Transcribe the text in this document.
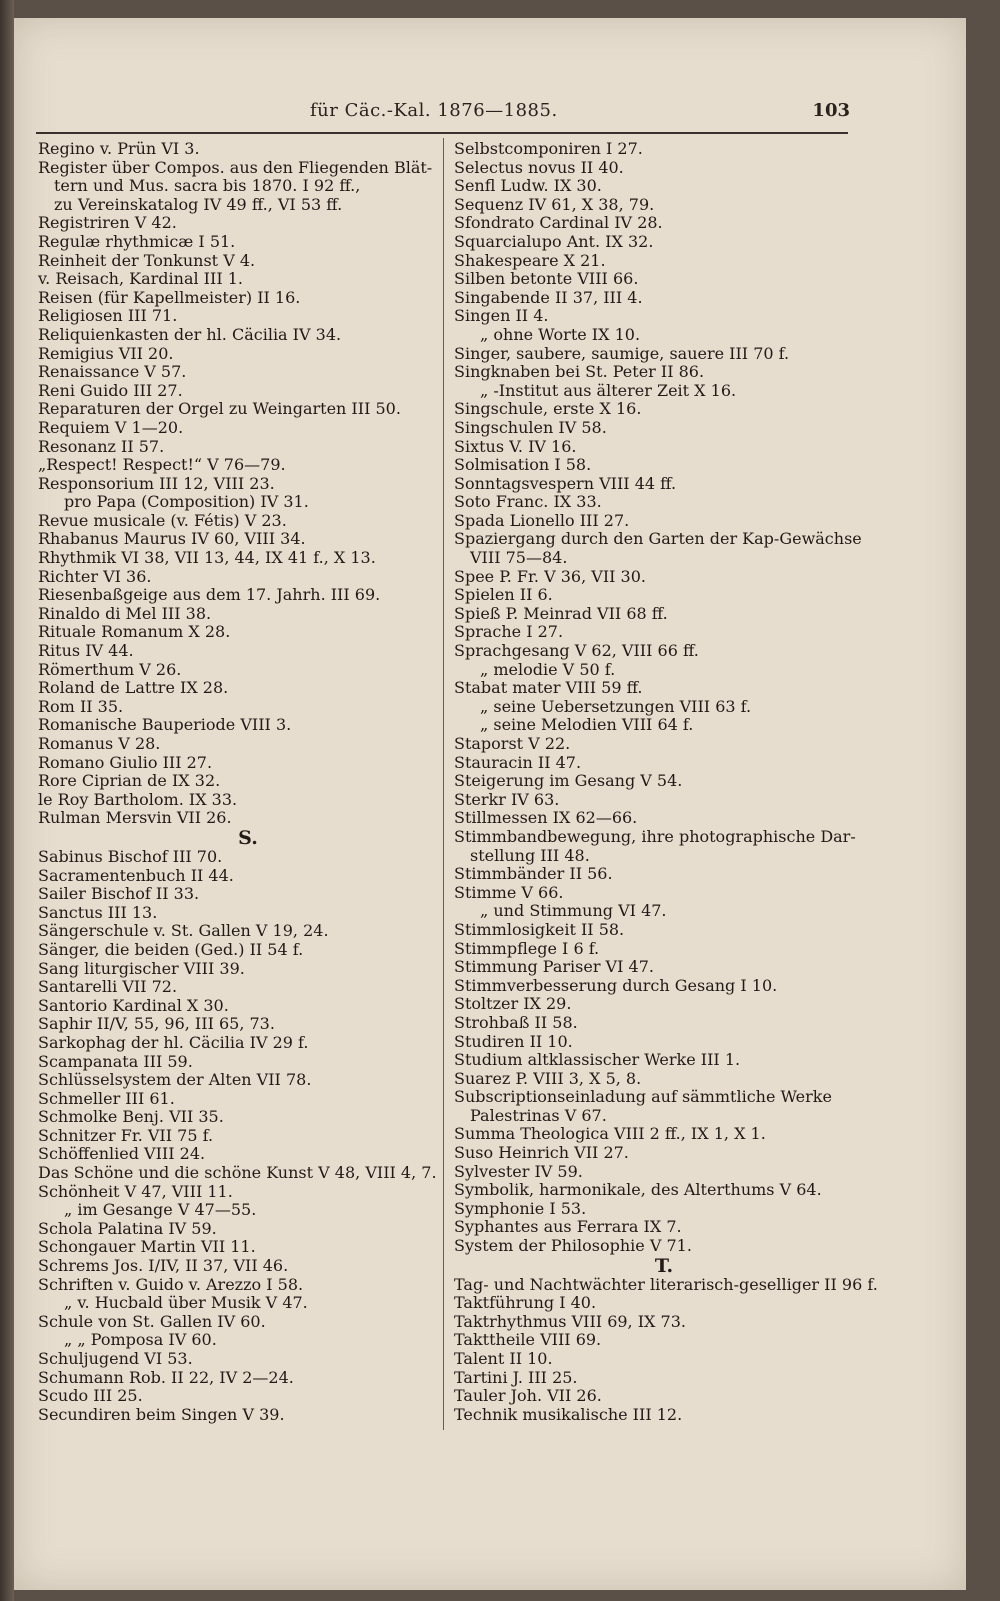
für Cäc.-Kal. 1876—1885.	103
Regino v. Prün VI 3.
Register über Compos. aus den Fliegenden Blät-
tern und Mus. sacra bis 1870. I 92 ff.,
zu Vereinskatalog IV 49 ff., VI 53 ff.
Registriren V 42.
Regulæ rhythmicæ I 51.
Reinheit der Tonkunst V 4.
v. Reisach, Kardinal III 1.
Reisen (für Kapellmeister) II 16.
Religiosen III 71.
Reliquienkasten der hl. Cäcilia IV 34.
Remigius VII 20.
Renaissance V 57.
Reni Guido III 27.
Reparaturen der Orgel zu Weingarten III 50.
Requiem V 1—20.
Resonanz II 57.
„Respect! Respect!“ V 76—79.
Responsorium III 12, VIII 23.
pro Papa (Composition) IV 31.
Revue musicale (v. Fétis) V 23.
Rhabanus Maurus IV 60, VIII 34.
Rhythmik VI 38, VII 13, 44, IX 41 f., X 13.
Richter VI 36.
Riesenbaßgeige aus dem 17. Jahrh. III 69.
Rinaldo di Mel III 38.
Rituale Romanum X 28.
Ritus IV 44.
Römerthum V 26.
Roland de Lattre IX 28.
Rom II 35.
Romanische Bauperiode VIII 3.
Romanus V 28.
Romano Giulio III 27.
Rore Ciprian de IX 32.
le Roy Bartholom. IX 33.
Rulman Mersvin VII 26.
S.
Sabinus Bischof III 70.
Sacramentenbuch II 44.
Sailer Bischof II 33.
Sanctus III 13.
Sängerschule v. St. Gallen V 19, 24.
Sänger, die beiden (Ged.) II 54 f.
Sang liturgischer VIII 39.
Santarelli VII 72.
Santorio Kardinal X 30.
Saphir II/V, 55, 96, III 65, 73.
Sarkophag der hl. Cäcilia IV 29 f.
Scampanata III 59.
Schlüsselsystem der Alten VII 78.
Schmeller III 61.
Schmolke Benj. VII 35.
Schnitzer Fr. VII 75 f.
Schöffenlied VIII 24.
Das Schöne und die schöne Kunst V 48, VIII 4, 7.
Schönheit V 47, VIII 11.
„ im Gesange V 47—55.
Schola Palatina IV 59.
Schongauer Martin VII 11.
Schrems Jos. I/IV, II 37, VII 46.
Schriften v. Guido v. Arezzo I 58.
„ v. Hucbald über Musik V 47.
Schule von St. Gallen IV 60.
„ „ Pomposa IV 60.
Schuljugend VI 53.
Schumann Rob. II 22, IV 2—24.
Scudo III 25.
Secundiren beim Singen V 39.
Selbstcomponiren I 27.
Selectus novus II 40.
Senfl Ludw. IX 30.
Sequenz IV 61, X 38, 79.
Sfondrato Cardinal IV 28.
Squarcialupo Ant. IX 32.
Shakespeare X 21.
Silben betonte VIII 66.
Singabende II 37, III 4.
Singen II 4.
„ ohne Worte IX 10.
Singer, saubere, saumige, sauere III 70 f.
Singknaben bei St. Peter II 86.
„ -Institut aus älterer Zeit X 16.
Singschule, erste X 16.
Singschulen IV 58.
Sixtus V. IV 16.
Solmisation I 58.
Sonntagsvespern VIII 44 ff.
Soto Franc. IX 33.
Spada Lionello III 27.
Spaziergang durch den Garten der Kap-Gewächse
VIII 75—84.
Spee P. Fr. V 36, VII 30.
Spielen II 6.
Spieß P. Meinrad VII 68 ff.
Sprache I 27.
Sprachgesang V 62, VIII 66 ff.
„ melodie V 50 f.
Stabat mater VIII 59 ff.
„ seine Uebersetzungen VIII 63 f.
„ seine Melodien VIII 64 f.
Staporst V 22.
Stauracin II 47.
Steigerung im Gesang V 54.
Sterkr IV 63.
Stillmessen IX 62—66.
Stimmbandbewegung, ihre photographische Dar-
stellung III 48.
Stimmbänder II 56.
Stimme V 66.
„ und Stimmung VI 47.
Stimmlosigkeit II 58.
Stimmpflege I 6 f.
Stimmung Pariser VI 47.
Stimmverbesserung durch Gesang I 10.
Stoltzer IX 29.
Strohbaß II 58.
Studiren II 10.
Studium altklassischer Werke III 1.
Suarez P. VIII 3, X 5, 8.
Subscriptionseinladung auf sämmtliche Werke
Palestrinas V 67.
Summa Theologica VIII 2 ff., IX 1, X 1.
Suso Heinrich VII 27.
Sylvester IV 59.
Symbolik, harmonikale, des Alterthums V 64.
Symphonie I 53.
Syphantes aus Ferrara IX 7.
System der Philosophie V 71.
T.
Tag- und Nachtwächter literarisch-geselliger II 96 f.
Taktführung I 40.
Taktrhythmus VIII 69, IX 73.
Takttheile VIII 69.
Talent II 10.
Tartini J. III 25.
Tauler Joh. VII 26.
Technik musikalische III 12.
